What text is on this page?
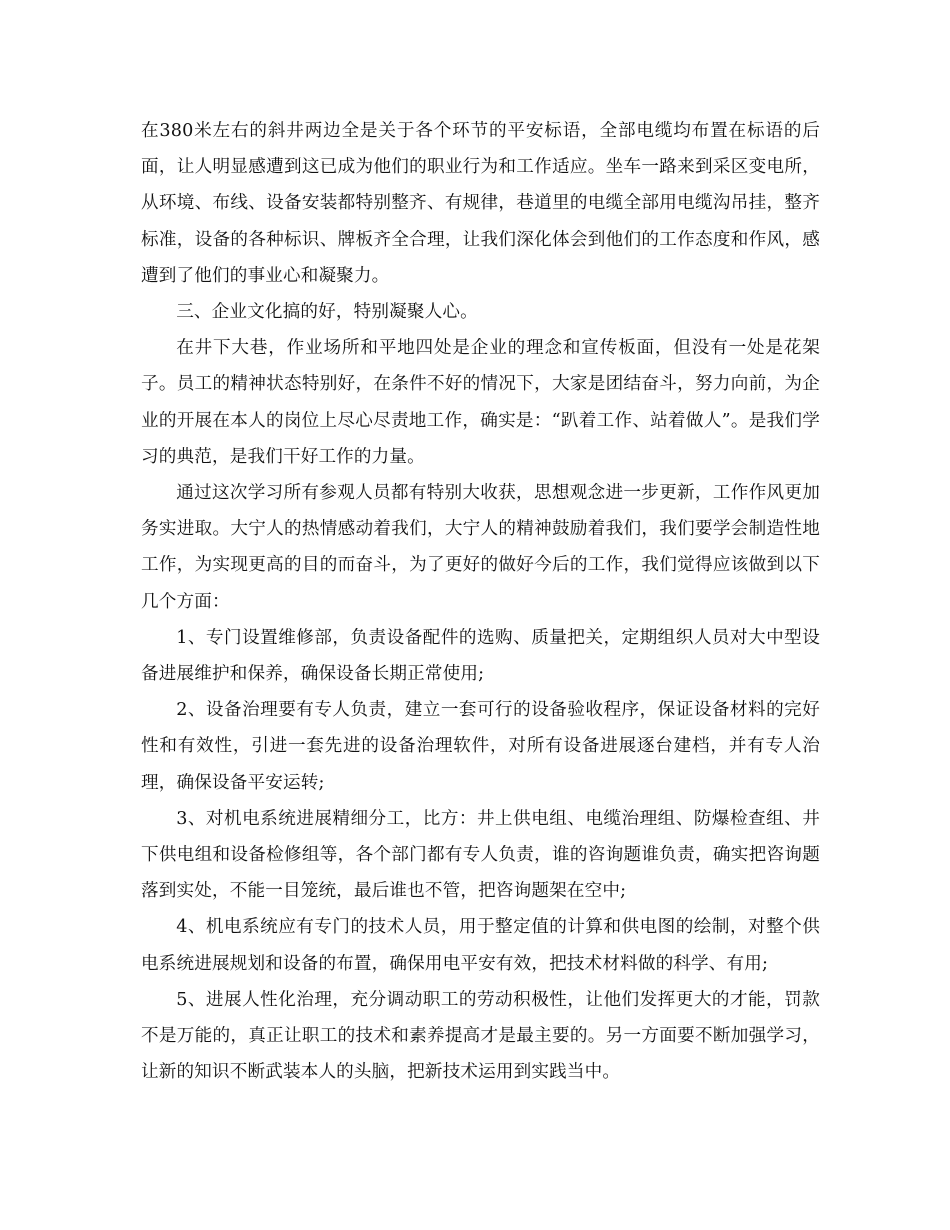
在380米左右的斜井两边全是关于各个环节的平安标语，全部电缆均布置在标语的后面，让人明显感遭到这已成为他们的职业行为和工作适应。坐车一路来到采区变电所，从环境、布线、设备安装都特别整齐、有规律，巷道里的电缆全部用电缆沟吊挂，整齐标准，设备的各种标识、牌板齐全合理，让我们深化体会到他们的工作态度和作风，感遭到了他们的事业心和凝聚力。

三、企业文化搞的好，特别凝聚人心。

在井下大巷，作业场所和平地四处是企业的理念和宣传板面，但没有一处是花架子。员工的精神状态特别好，在条件不好的情况下，大家是团结奋斗，努力向前，为企业的开展在本人的岗位上尽心尽责地工作，确实是：“趴着工作、站着做人”。是我们学习的典范，是我们干好工作的力量。

通过这次学习所有参观人员都有特别大收获，思想观念进一步更新，工作作风更加务实进取。大宁人的热情感动着我们，大宁人的精神鼓励着我们，我们要学会制造性地工作，为实现更高的目的而奋斗，为了更好的做好今后的工作，我们觉得应该做到以下几个方面：

1、专门设置维修部，负责设备配件的选购、质量把关，定期组织人员对大中型设备进展维护和保养，确保设备长期正常使用;

2、设备治理要有专人负责，建立一套可行的设备验收程序，保证设备材料的完好性和有效性，引进一套先进的设备治理软件，对所有设备进展逐台建档，并有专人治理，确保设备平安运转;

3、对机电系统进展精细分工，比方：井上供电组、电缆治理组、防爆检查组、井下供电组和设备检修组等，各个部门都有专人负责，谁的咨询题谁负责，确实把咨询题落到实处，不能一目笼统，最后谁也不管，把咨询题架在空中;

4、机电系统应有专门的技术人员，用于整定值的计算和供电图的绘制，对整个供电系统进展规划和设备的布置，确保用电平安有效，把技术材料做的科学、有用;

5、进展人性化治理，充分调动职工的劳动积极性，让他们发挥更大的才能，罚款不是万能的，真正让职工的技术和素养提高才是最主要的。另一方面要不断加强学习，让新的知识不断武装本人的头脑，把新技术运用到实践当中。
